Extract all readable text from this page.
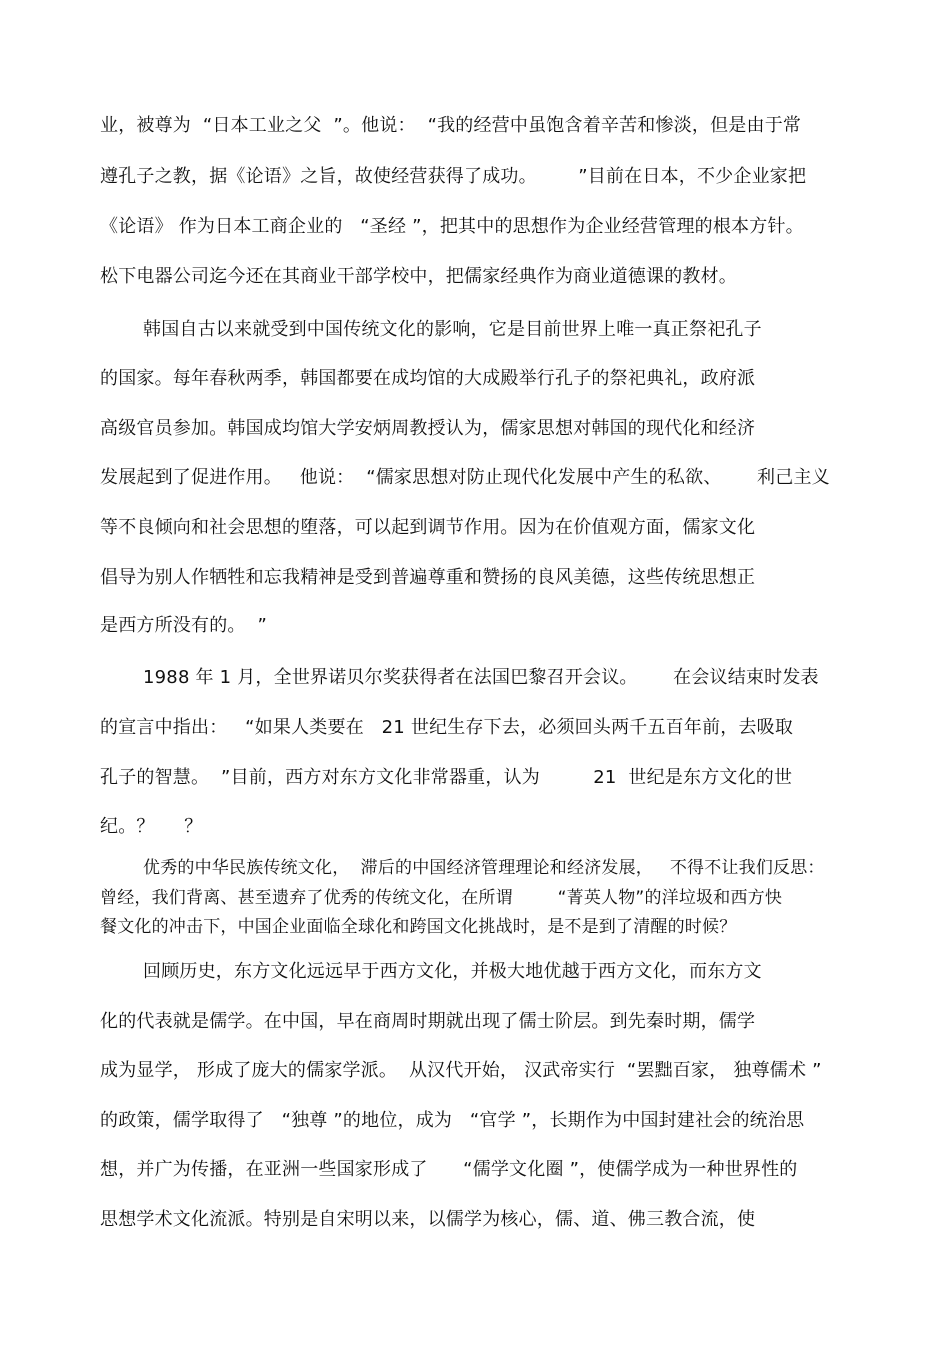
业，被尊为  “日本工业之父  ”。他说：  “我的经营中虽饱含着辛苦和惨淡，但是由于常
遵孔子之教，据《论语》之旨，故使经营获得了成功。       ”目前在日本，不少企业家把
《论语》 作为日本工商企业的   “圣经 ”，把其中的思想作为企业经营管理的根本方针。
松下电器公司迄今还在其商业干部学校中，把儒家经典作为商业道德课的教材。
韩国自古以来就受到中国传统文化的影响，它是目前世界上唯一真正祭祀孔子
的国家。每年春秋两季，韩国都要在成均馆的大成殿举行孔子的祭祀典礼，政府派
高级官员参加。韩国成均馆大学安炳周教授认为，儒家思想对韩国的现代化和经济
发展起到了促进作用。   他说：  “儒家思想对防止现代化发展中产生的私欲、      利己主义
等不良倾向和社会思想的堕落，可以起到调节作用。因为在价值观方面，儒家文化
倡导为别人作牺牲和忘我精神是受到普遍尊重和赞扬的良风美德，这些传统思想正
是西方所没有的。  ”
1988 年 1 月，全世界诺贝尔奖获得者在法国巴黎召开会议。      在会议结束时发表
的宣言中指出：   “如果人类要在   21 世纪生存下去，必须回头两千五百年前，去吸取
孔子的智慧。  ”目前，西方对东方文化非常器重，认为         21  世纪是东方文化的世
纪。？     ？
优秀的中华民族传统文化，  滞后的中国经济管理理论和经济发展，   不得不让我们反思：
曾经，我们背离、甚至遗弃了优秀的传统文化，在所谓        “菁英人物”的洋垃圾和西方快
餐文化的冲击下，中国企业面临全球化和跨国文化挑战时，是不是到了清醒的时候？
回顾历史，东方文化远远早于西方文化，并极大地优越于西方文化，而东方文
化的代表就是儒学。在中国，早在商周时期就出现了儒士阶层。到先秦时期，儒学
成为显学， 形成了庞大的儒家学派。  从汉代开始， 汉武帝实行  “罢黜百家， 独尊儒术 ”
的政策，儒学取得了   “独尊 ”的地位，成为   “官学 ”，长期作为中国封建社会的统治思
想，并广为传播，在亚洲一些国家形成了      “儒学文化圈 ”，使儒学成为一种世界性的
思想学术文化流派。特别是自宋明以来，以儒学为核心，儒、道、佛三教合流，使
